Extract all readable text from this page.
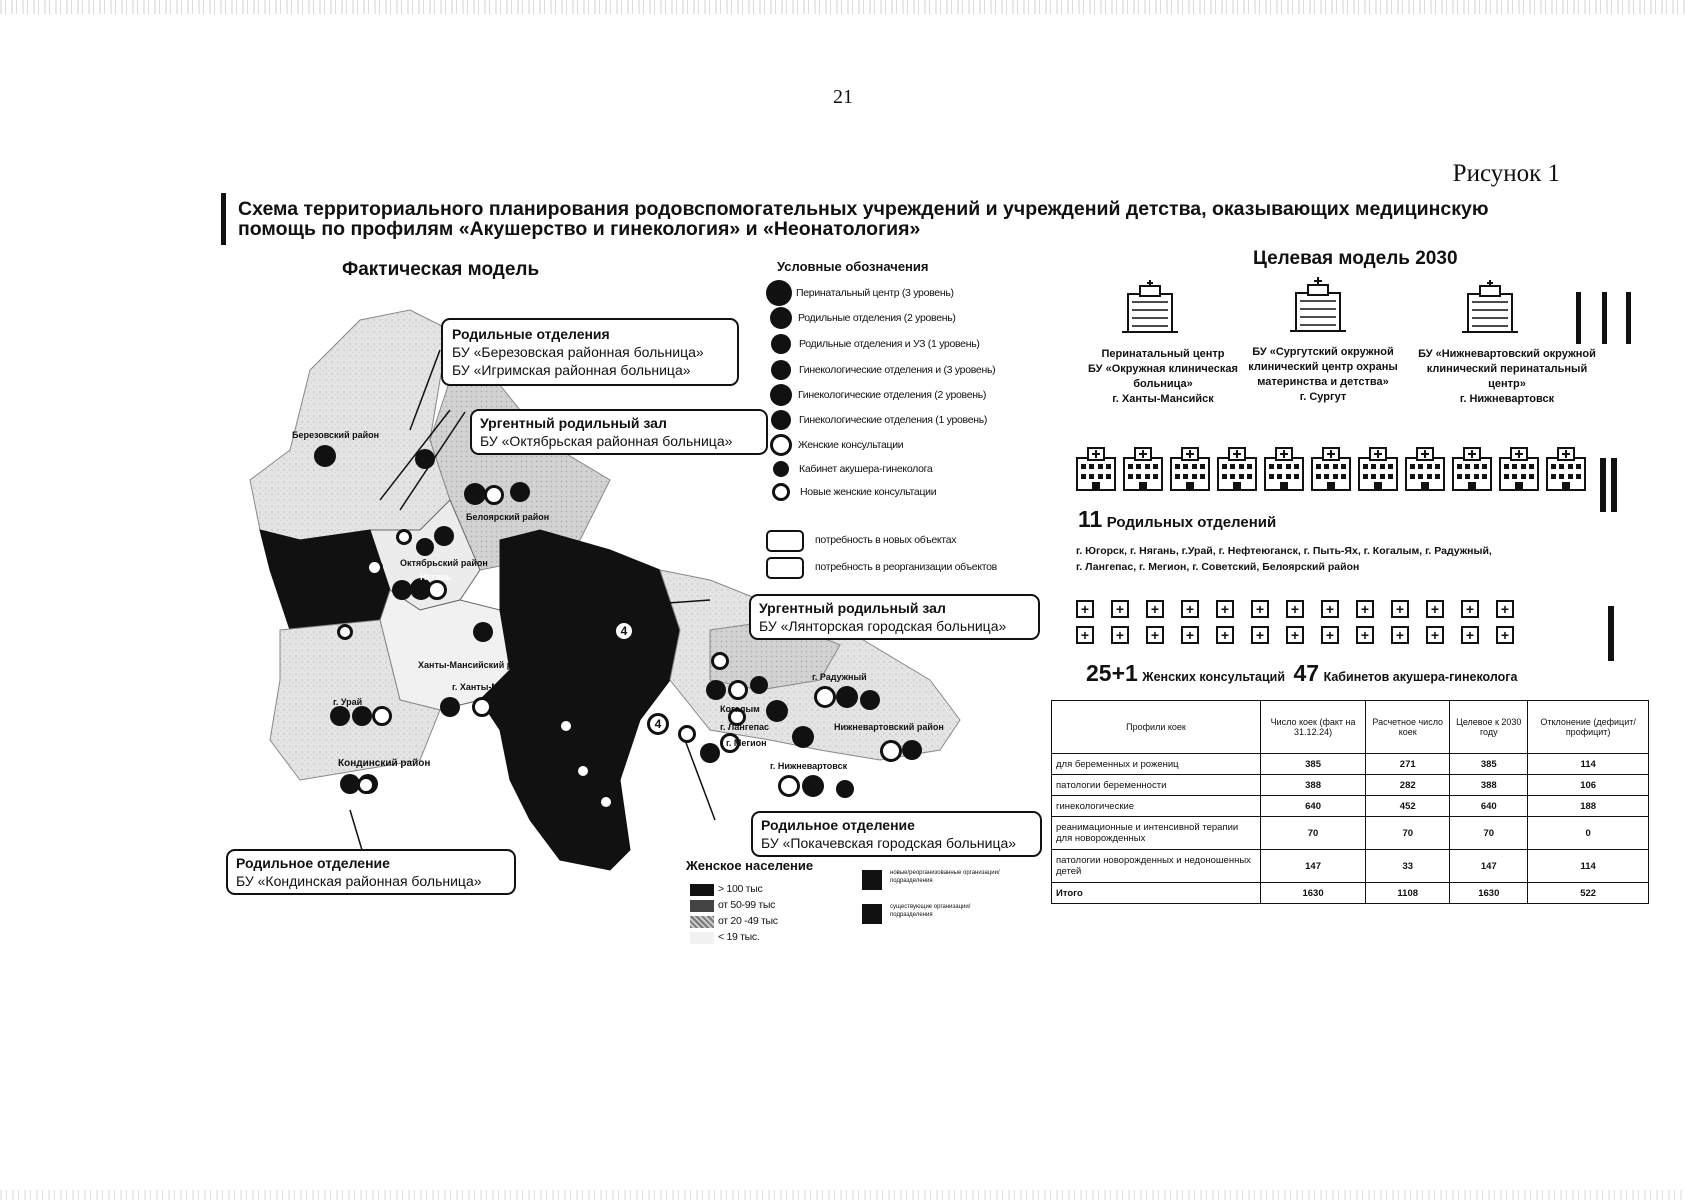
21
Рисунок 1
Схема территориального планирования родовспомогательных учреждений и учреждений детства, оказывающих медицинскую помощь по профилям «Акушерство и гинекология» и «Неонатология»
Фактическая модель
4
4
Березовский район
Белоярский район
Октябрьский район
Нягань
Ханты-Мансийский район
г. Ханты-Мансийск
г. Урай
Кондинский район
г. Радужный
Нижневартовский район
г. Нижневартовск
Когалым
г. Лангепас
г. Мегион
Родильные отделения
БУ «Березовская районная больница»
БУ «Игримская районная больница»
Ургентный родильный зал
БУ «Октябрьская районная больница»
Ургентный родильный зал
БУ «Лянторская городская больница»
Родильное отделение
БУ «Покачевская городская больница»
Родильное отделение
БУ «Кондинская районная больница»
Условные обозначения
Перинатальный центр (3 уровень)
Родильные отделения (2 уровень)
Родильные отделения и УЗ (1 уровень)
Гинекологические отделения и (3 уровень)
Гинекологические отделения (2 уровень)
Гинекологические отделения (1 уровень)
Женские консультации
Кабинет акушера-гинеколога
Новые женские консультации
потребность в новых объектах
потребность в реорганизации объектов
Женское население
> 100 тыс
от 50-99 тыс
от 20 -49 тыс
< 19 тыс.
новые/реорганизованные организации/подразделения
существующие организации/подразделения
Целевая модель 2030
Перинатальный центр
БУ «Окружная клиническая
больница»
г. Ханты-Мансийск
БУ «Сургутский окружной
клинический центр охраны
материнства и детства»
г. Сургут
БУ «Нижневартовский окружной
клинический перинатальный
центр»
г. Нижневартовск
11 Родильных отделений
г. Югорск, г. Нягань, г.Урай, г. Нефтеюганск, г. Пыть-Ях, г. Когалым, г. Радужный,
г. Лангепас, г. Мегион, г. Советский, Белоярский район
+	+	+	+	+	+	+	+	+	+	+	+	+
+	+	+	+	+	+	+	+	+	+	+	+	+
25+1 Женских консультаций 47 Кабинетов акушера-гинеколога
Профили коек	Число коек (факт на 31.12.24)	Расчетное число коек	Целевое к 2030 году	Отклонение (дефицит/ профицит)
для беременных и рожениц	385	271	385	114
патологии беременности	388	282	388	106
гинекологические	640	452	640	188
реанимационные и интенсивной терапии для новорожденных	70	70	70	0
патологии новорожденных и недоношенных детей	147	33	147	114
Итого	1630	1108	1630	522
